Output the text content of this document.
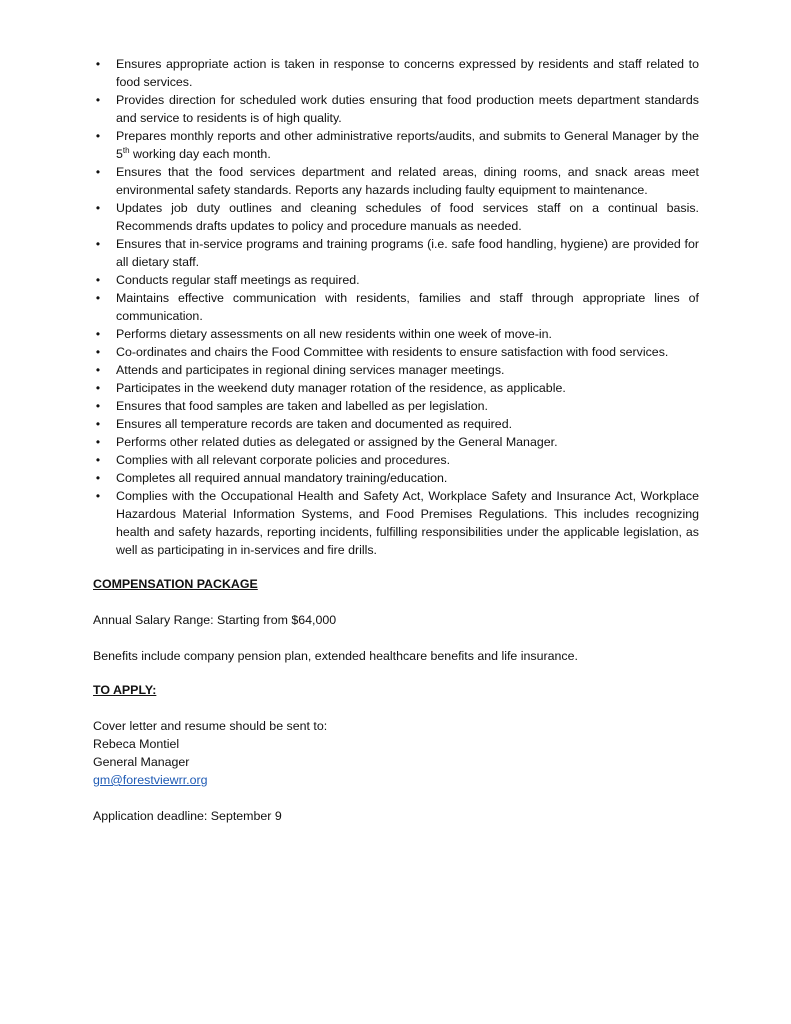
• Ensures appropriate action is taken in response to concerns expressed by residents and staff related to food services.
• Provides direction for scheduled work duties ensuring that food production meets department standards and service to residents is of high quality.
• Prepares monthly reports and other administrative reports/audits, and submits to General Manager by the 5th working day each month.
• Ensures that the food services department and related areas, dining rooms, and snack areas meet environmental safety standards. Reports any hazards including faulty equipment to maintenance.
• Updates job duty outlines and cleaning schedules of food services staff on a continual basis. Recommends drafts updates to policy and procedure manuals as needed.
• Ensures that in-service programs and training programs (i.e. safe food handling, hygiene) are provided for all dietary staff.
• Conducts regular staff meetings as required.
• Maintains effective communication with residents, families and staff through appropriate lines of communication.
• Performs dietary assessments on all new residents within one week of move-in.
• Co-ordinates and chairs the Food Committee with residents to ensure satisfaction with food services.
• Attends and participates in regional dining services manager meetings.
• Participates in the weekend duty manager rotation of the residence, as applicable.
• Ensures that food samples are taken and labelled as per legislation.
• Ensures all temperature records are taken and documented as required.
• Performs other related duties as delegated or assigned by the General Manager.
• Complies with all relevant corporate policies and procedures.
• Completes all required annual mandatory training/education.
• Complies with the Occupational Health and Safety Act, Workplace Safety and Insurance Act, Workplace Hazardous Material Information Systems, and Food Premises Regulations. This includes recognizing health and safety hazards, reporting incidents, fulfilling responsibilities under the applicable legislation, as well as participating in in-services and fire drills.
COMPENSATION PACKAGE
Annual Salary Range: Starting from $64,000
Benefits include company pension plan, extended healthcare benefits and life insurance.
TO APPLY:
Cover letter and resume should be sent to:
Rebeca Montiel
General Manager
gm@forestviewrr.org
Application deadline: September 9
